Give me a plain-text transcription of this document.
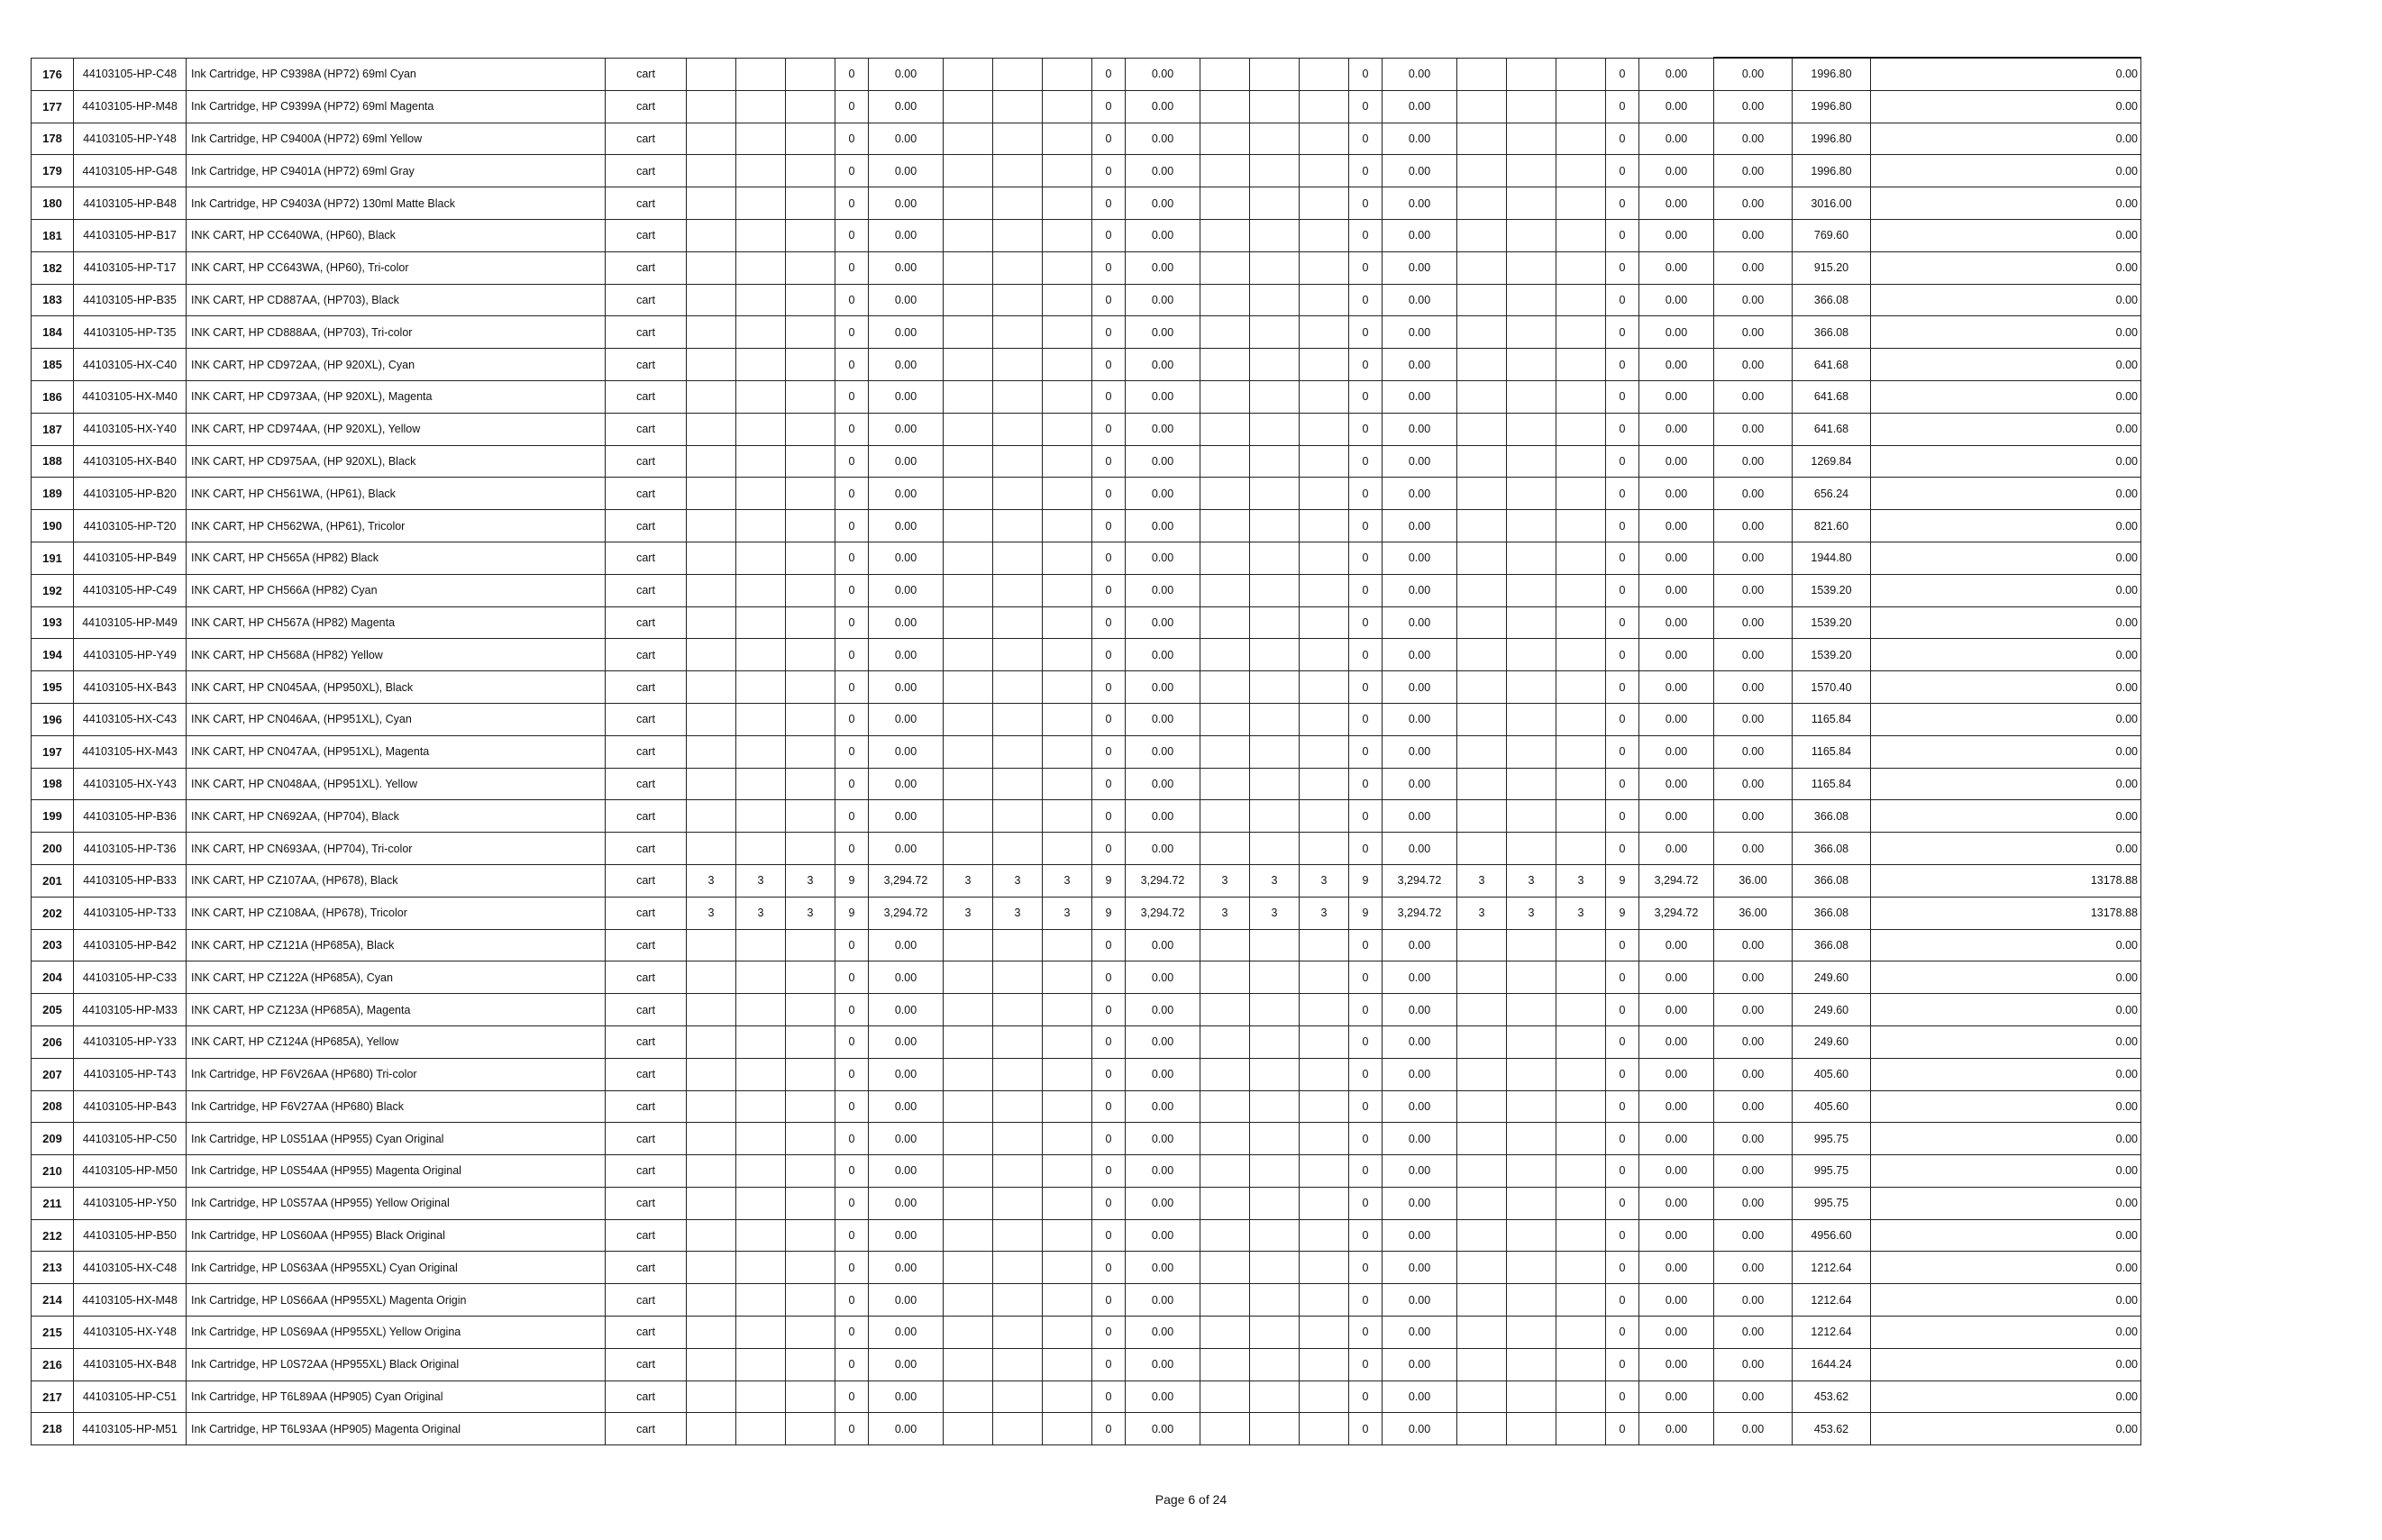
176	44103105-HP-C48	Ink Cartridge, HP C9398A (HP72) 69ml Cyan	cart				0	0.00				0	0.00				0	0.00				0	0.00	0.00	1996.80	0.00
177	44103105-HP-M48	Ink Cartridge, HP C9399A (HP72) 69ml Magenta	cart				0	0.00				0	0.00				0	0.00				0	0.00	0.00	1996.80	0.00
178	44103105-HP-Y48	Ink Cartridge, HP C9400A (HP72) 69ml Yellow	cart				0	0.00				0	0.00				0	0.00				0	0.00	0.00	1996.80	0.00
179	44103105-HP-G48	Ink Cartridge, HP C9401A (HP72) 69ml Gray	cart				0	0.00				0	0.00				0	0.00				0	0.00	0.00	1996.80	0.00
180	44103105-HP-B48	Ink Cartridge, HP C9403A (HP72) 130ml Matte Black	cart				0	0.00				0	0.00				0	0.00				0	0.00	0.00	3016.00	0.00
181	44103105-HP-B17	INK CART, HP CC640WA, (HP60), Black	cart				0	0.00				0	0.00				0	0.00				0	0.00	0.00	769.60	0.00
182	44103105-HP-T17	INK CART, HP CC643WA, (HP60), Tri-color	cart				0	0.00				0	0.00				0	0.00				0	0.00	0.00	915.20	0.00
183	44103105-HP-B35	INK CART, HP CD887AA, (HP703), Black	cart				0	0.00				0	0.00				0	0.00				0	0.00	0.00	366.08	0.00
184	44103105-HP-T35	INK CART, HP CD888AA, (HP703), Tri-color	cart				0	0.00				0	0.00				0	0.00				0	0.00	0.00	366.08	0.00
185	44103105-HX-C40	INK CART, HP CD972AA, (HP 920XL), Cyan	cart				0	0.00				0	0.00				0	0.00				0	0.00	0.00	641.68	0.00
186	44103105-HX-M40	INK CART, HP CD973AA, (HP 920XL), Magenta	cart				0	0.00				0	0.00				0	0.00				0	0.00	0.00	641.68	0.00
187	44103105-HX-Y40	INK CART, HP CD974AA, (HP 920XL), Yellow	cart				0	0.00				0	0.00				0	0.00				0	0.00	0.00	641.68	0.00
188	44103105-HX-B40	INK CART, HP CD975AA, (HP 920XL), Black	cart				0	0.00				0	0.00				0	0.00				0	0.00	0.00	1269.84	0.00
189	44103105-HP-B20	INK CART, HP CH561WA, (HP61), Black	cart				0	0.00				0	0.00				0	0.00				0	0.00	0.00	656.24	0.00
190	44103105-HP-T20	INK CART, HP CH562WA, (HP61), Tricolor	cart				0	0.00				0	0.00				0	0.00				0	0.00	0.00	821.60	0.00
191	44103105-HP-B49	INK CART, HP CH565A (HP82) Black	cart				0	0.00				0	0.00				0	0.00				0	0.00	0.00	1944.80	0.00
192	44103105-HP-C49	INK CART, HP CH566A (HP82) Cyan	cart				0	0.00				0	0.00				0	0.00				0	0.00	0.00	1539.20	0.00
193	44103105-HP-M49	INK CART, HP CH567A (HP82) Magenta	cart				0	0.00				0	0.00				0	0.00				0	0.00	0.00	1539.20	0.00
194	44103105-HP-Y49	INK CART, HP CH568A (HP82) Yellow	cart				0	0.00				0	0.00				0	0.00				0	0.00	0.00	1539.20	0.00
195	44103105-HX-B43	INK CART, HP CN045AA, (HP950XL), Black	cart				0	0.00				0	0.00				0	0.00				0	0.00	0.00	1570.40	0.00
196	44103105-HX-C43	INK CART, HP CN046AA, (HP951XL), Cyan	cart				0	0.00				0	0.00				0	0.00				0	0.00	0.00	1165.84	0.00
197	44103105-HX-M43	INK CART, HP CN047AA, (HP951XL), Magenta	cart				0	0.00				0	0.00				0	0.00				0	0.00	0.00	1165.84	0.00
198	44103105-HX-Y43	INK CART, HP CN048AA, (HP951XL). Yellow	cart				0	0.00				0	0.00				0	0.00				0	0.00	0.00	1165.84	0.00
199	44103105-HP-B36	INK CART, HP CN692AA, (HP704), Black	cart				0	0.00				0	0.00				0	0.00				0	0.00	0.00	366.08	0.00
200	44103105-HP-T36	INK CART, HP CN693AA, (HP704), Tri-color	cart				0	0.00				0	0.00				0	0.00				0	0.00	0.00	366.08	0.00
201	44103105-HP-B33	INK CART, HP CZ107AA, (HP678), Black	cart	3	3	3	9	3,294.72	3	3	3	9	3,294.72	3	3	3	9	3,294.72	3	3	3	9	3,294.72	36.00	366.08	13178.88
202	44103105-HP-T33	INK CART, HP CZ108AA, (HP678), Tricolor	cart	3	3	3	9	3,294.72	3	3	3	9	3,294.72	3	3	3	9	3,294.72	3	3	3	9	3,294.72	36.00	366.08	13178.88
203	44103105-HP-B42	INK CART, HP CZ121A (HP685A), Black	cart				0	0.00				0	0.00				0	0.00				0	0.00	0.00	366.08	0.00
204	44103105-HP-C33	INK CART, HP CZ122A (HP685A), Cyan	cart				0	0.00				0	0.00				0	0.00				0	0.00	0.00	249.60	0.00
205	44103105-HP-M33	INK CART, HP CZ123A (HP685A), Magenta	cart				0	0.00				0	0.00				0	0.00				0	0.00	0.00	249.60	0.00
206	44103105-HP-Y33	INK CART, HP CZ124A (HP685A), Yellow	cart				0	0.00				0	0.00				0	0.00				0	0.00	0.00	249.60	0.00
207	44103105-HP-T43	Ink Cartridge, HP F6V26AA (HP680) Tri-color	cart				0	0.00				0	0.00				0	0.00				0	0.00	0.00	405.60	0.00
208	44103105-HP-B43	Ink Cartridge, HP F6V27AA (HP680) Black	cart				0	0.00				0	0.00				0	0.00				0	0.00	0.00	405.60	0.00
209	44103105-HP-C50	Ink Cartridge, HP L0S51AA (HP955) Cyan Original	cart				0	0.00				0	0.00				0	0.00				0	0.00	0.00	995.75	0.00
210	44103105-HP-M50	Ink Cartridge, HP L0S54AA (HP955) Magenta Original	cart				0	0.00				0	0.00				0	0.00				0	0.00	0.00	995.75	0.00
211	44103105-HP-Y50	Ink Cartridge, HP L0S57AA (HP955) Yellow Original	cart				0	0.00				0	0.00				0	0.00				0	0.00	0.00	995.75	0.00
212	44103105-HP-B50	Ink Cartridge, HP L0S60AA (HP955) Black Original	cart				0	0.00				0	0.00				0	0.00				0	0.00	0.00	4956.60	0.00
213	44103105-HX-C48	Ink Cartridge, HP L0S63AA (HP955XL) Cyan Original	cart				0	0.00				0	0.00				0	0.00				0	0.00	0.00	1212.64	0.00
214	44103105-HX-M48	Ink Cartridge, HP L0S66AA (HP955XL) Magenta Origin	cart				0	0.00				0	0.00				0	0.00				0	0.00	0.00	1212.64	0.00
215	44103105-HX-Y48	Ink Cartridge, HP L0S69AA (HP955XL) Yellow Origina	cart				0	0.00				0	0.00				0	0.00				0	0.00	0.00	1212.64	0.00
216	44103105-HX-B48	Ink Cartridge, HP L0S72AA (HP955XL) Black Original	cart				0	0.00				0	0.00				0	0.00				0	0.00	0.00	1644.24	0.00
217	44103105-HP-C51	Ink Cartridge, HP T6L89AA (HP905) Cyan Original	cart				0	0.00				0	0.00				0	0.00				0	0.00	0.00	453.62	0.00
218	44103105-HP-M51	Ink Cartridge, HP T6L93AA (HP905) Magenta Original	cart				0	0.00				0	0.00				0	0.00				0	0.00	0.00	453.62	0.00
Page 6 of 24
